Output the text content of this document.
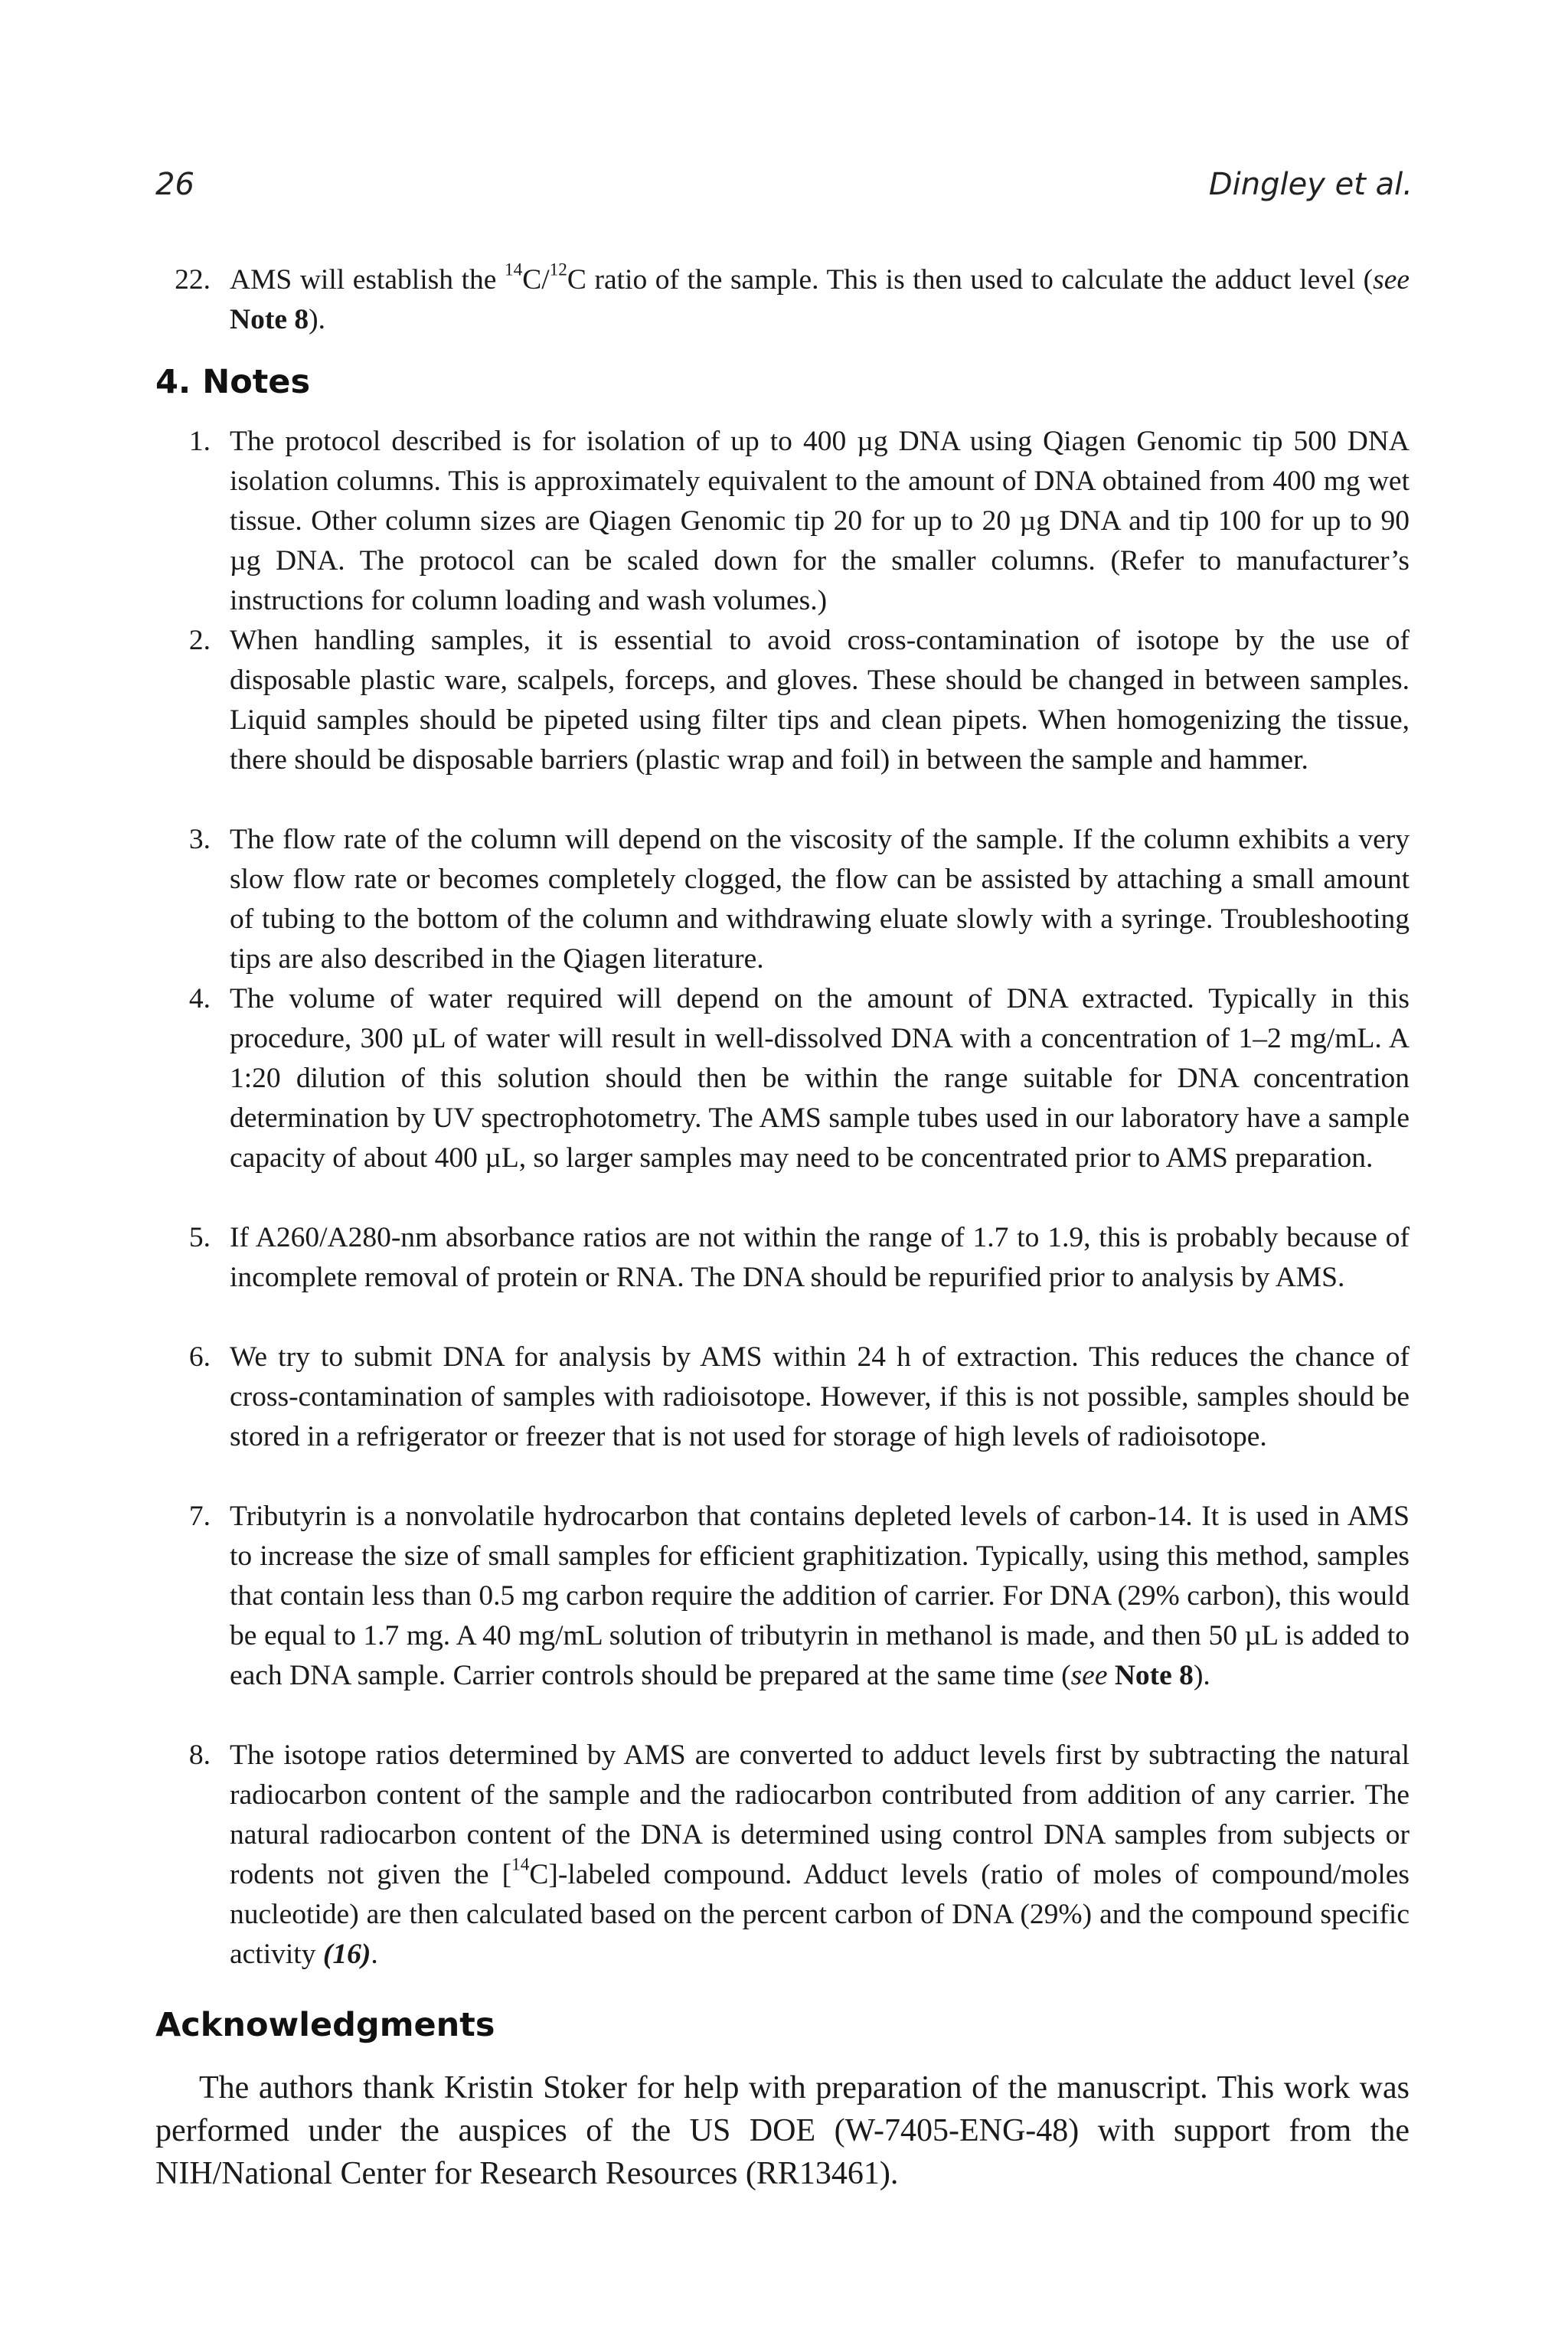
26	Dingley et al.
22. AMS will establish the $^{14}$C/$^{12}$C ratio of the sample. This is then used to calculate the adduct level (see Note 8).
4. Notes
1. The protocol described is for isolation of up to 400 µg DNA using Qiagen Genomic tip 500 DNA isolation columns. This is approximately equivalent to the amount of DNA obtained from 400 mg wet tissue. Other column sizes are Qiagen Genomic tip 20 for up to 20 µg DNA and tip 100 for up to 90 µg DNA. The protocol can be scaled down for the smaller columns. (Refer to manufacturer’s instructions for column loading and wash volumes.)
2. When handling samples, it is essential to avoid cross-contamination of isotope by the use of disposable plastic ware, scalpels, forceps, and gloves. These should be changed in between samples. Liquid samples should be pipeted using filter tips and clean pipets. When homogenizing the tissue, there should be disposable barriers (plastic wrap and foil) in between the sample and hammer.
3. The flow rate of the column will depend on the viscosity of the sample. If the column exhibits a very slow flow rate or becomes completely clogged, the flow can be assisted by attaching a small amount of tubing to the bottom of the column and withdrawing eluate slowly with a syringe. Troubleshooting tips are also described in the Qiagen literature.
4. The volume of water required will depend on the amount of DNA extracted. Typically in this procedure, 300 µL of water will result in well-dissolved DNA with a concentration of 1–2 mg/mL. A 1:20 dilution of this solution should then be within the range suitable for DNA concentration determination by UV spectrophotometry. The AMS sample tubes used in our laboratory have a sample capacity of about 400 µL, so larger samples may need to be concentrated prior to AMS preparation.
5. If A260/A280-nm absorbance ratios are not within the range of 1.7 to 1.9, this is probably because of incomplete removal of protein or RNA. The DNA should be repurified prior to analysis by AMS.
6. We try to submit DNA for analysis by AMS within 24 h of extraction. This reduces the chance of cross-contamination of samples with radioisotope. However, if this is not possible, samples should be stored in a refrigerator or freezer that is not used for storage of high levels of radioisotope.
7. Tributyrin is a nonvolatile hydrocarbon that contains depleted levels of carbon-14. It is used in AMS to increase the size of small samples for efficient graphitization. Typically, using this method, samples that contain less than 0.5 mg carbon require the addition of carrier. For DNA (29% carbon), this would be equal to 1.7 mg. A 40 mg/mL solution of tributyrin in methanol is made, and then 50 µL is added to each DNA sample. Carrier controls should be prepared at the same time (see Note 8).
8. The isotope ratios determined by AMS are converted to adduct levels first by subtracting the natural radiocarbon content of the sample and the radiocarbon contributed from addition of any carrier. The natural radiocarbon content of the DNA is determined using control DNA samples from subjects or rodents not given the [$^{14}$C]-labeled compound. Adduct levels (ratio of moles of compound/moles nucleotide) are then calculated based on the percent carbon of DNA (29%) and the compound specific activity (16).
Acknowledgments
The authors thank Kristin Stoker for help with preparation of the manuscript. This work was performed under the auspices of the US DOE (W-7405-ENG-48) with support from the NIH/National Center for Research Resources (RR13461).
